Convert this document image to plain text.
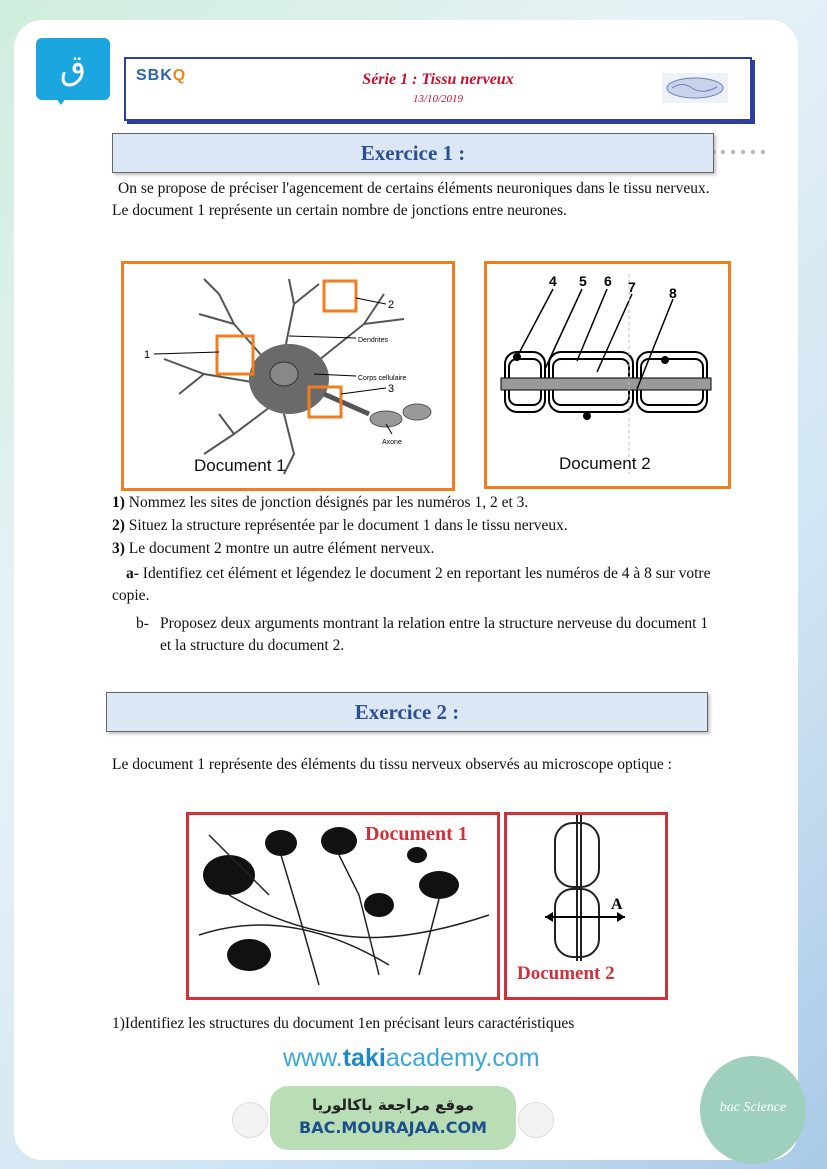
ق	SBKQ	Série 1 : Tissu nerveux
13/10/2019
Exercice 1 :
On se propose de préciser l'agencement de certains éléments neuroniques dans le tissu nerveux. Le document 1 représente un certain nombre de jonctions entre neurones.
1
2
3
Dendrites
Corps cellulaire
Axone
Document 1
4 5 6 7 8
Document 2
1) Nommez les sites de jonction désignés par les numéros 1, 2 et 3.
2) Situez la structure représentée par le document 1 dans le tissu nerveux.
3) Le document 2 montre un autre élément nerveux.
a- Identifiez cet élément et légendez le document 2 en reportant les numéros de 4 à 8 sur votre copie.
b- Proposez deux arguments montrant la relation entre la structure nerveuse du document 1 et la structure du document 2.
Exercice 2 :
Le document 1 représente des éléments du tissu nerveux observés au microscope optique :
Document 1
A
Document 2
1)Identifiez les structures du document 1en précisant leurs caractéristiques
www.takiacademy.com
موقع مراجعة باكالوريا
BAC.MOURAJAA.COM
bac Science
